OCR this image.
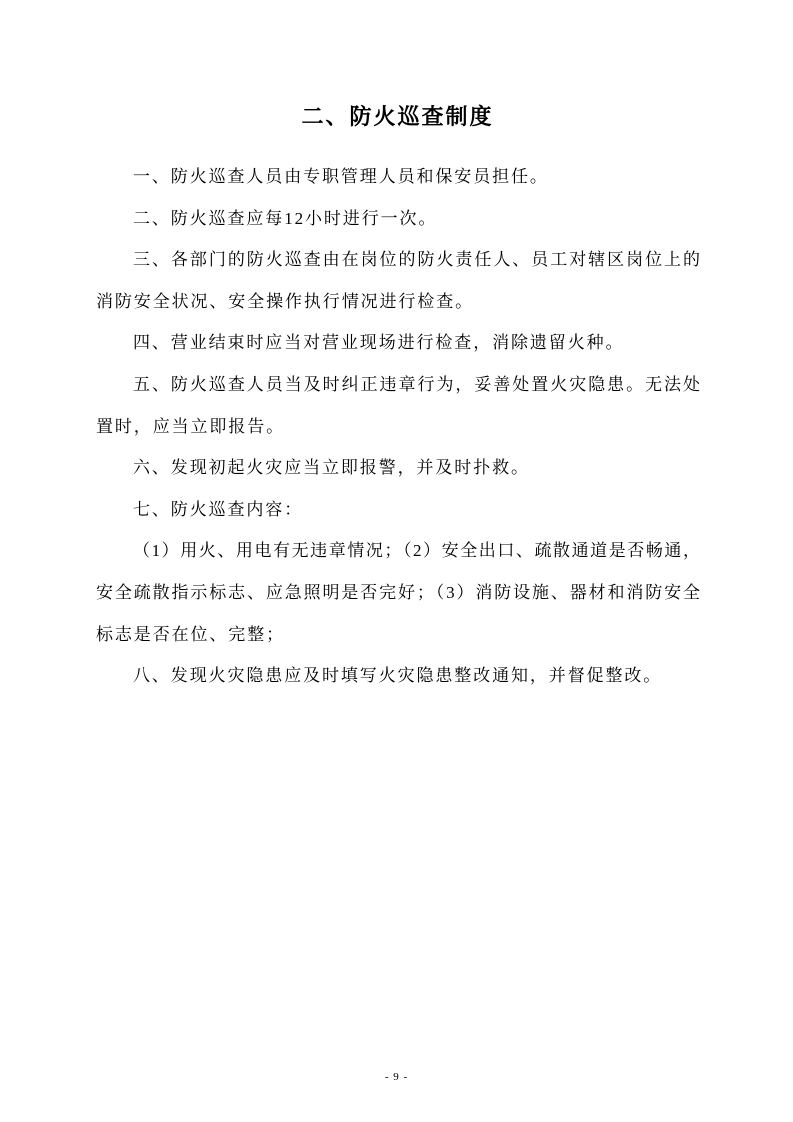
二、防火巡查制度
一、防火巡查人员由专职管理人员和保安员担任。
二、防火巡查应每12小时进行一次。
三、各部门的防火巡查由在岗位的防火责任人、员工对辖区岗位上的
消防安全状况、安全操作执行情况进行检查。
四、营业结束时应当对营业现场进行检查，消除遗留火种。
五、防火巡查人员当及时纠正违章行为，妥善处置火灾隐患。无法处
置时，应当立即报告。
六、发现初起火灾应当立即报警，并及时扑救。
七、防火巡查内容：
（1）用火、用电有无违章情况；（2）安全出口、疏散通道是否畅通，
安全疏散指示标志、应急照明是否完好；（3）消防设施、器材和消防安全
标志是否在位、完整；
八、发现火灾隐患应及时填写火灾隐患整改通知，并督促整改。
- 9 -
